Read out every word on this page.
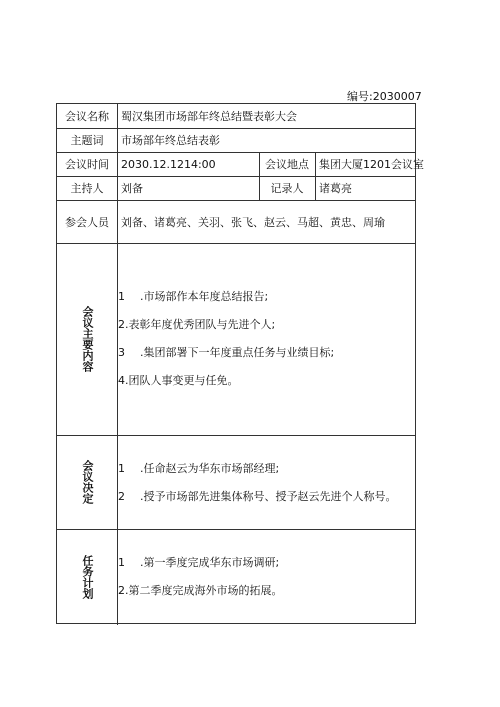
编号:2030007
会议名称	蜀汉集团市场部年终总结暨表彰大会
主题词	市场部年终总结表彰
会议时间	2030.12.1214:00	会议地点 集团大厦1201会议室
主持人	刘备	记录人	诸葛亮
参会人员	刘备、诸葛亮、关羽、张飞、赵云、马超、黄忠、周瑜
会议主要内容
1 .市场部作本年度总结报告;
2.表彰年度优秀团队与先进个人;
3 .集团部署下一年度重点任务与业绩目标;
4.团队人事变更与任免。
会议决定 1 .任命赵云为华东市场部经理;
2 .授予市场部先进集体称号、授予赵云先进个人称号。
任务计划 1 .第一季度完成华东市场调研;
2.第二季度完成海外市场的拓展。
